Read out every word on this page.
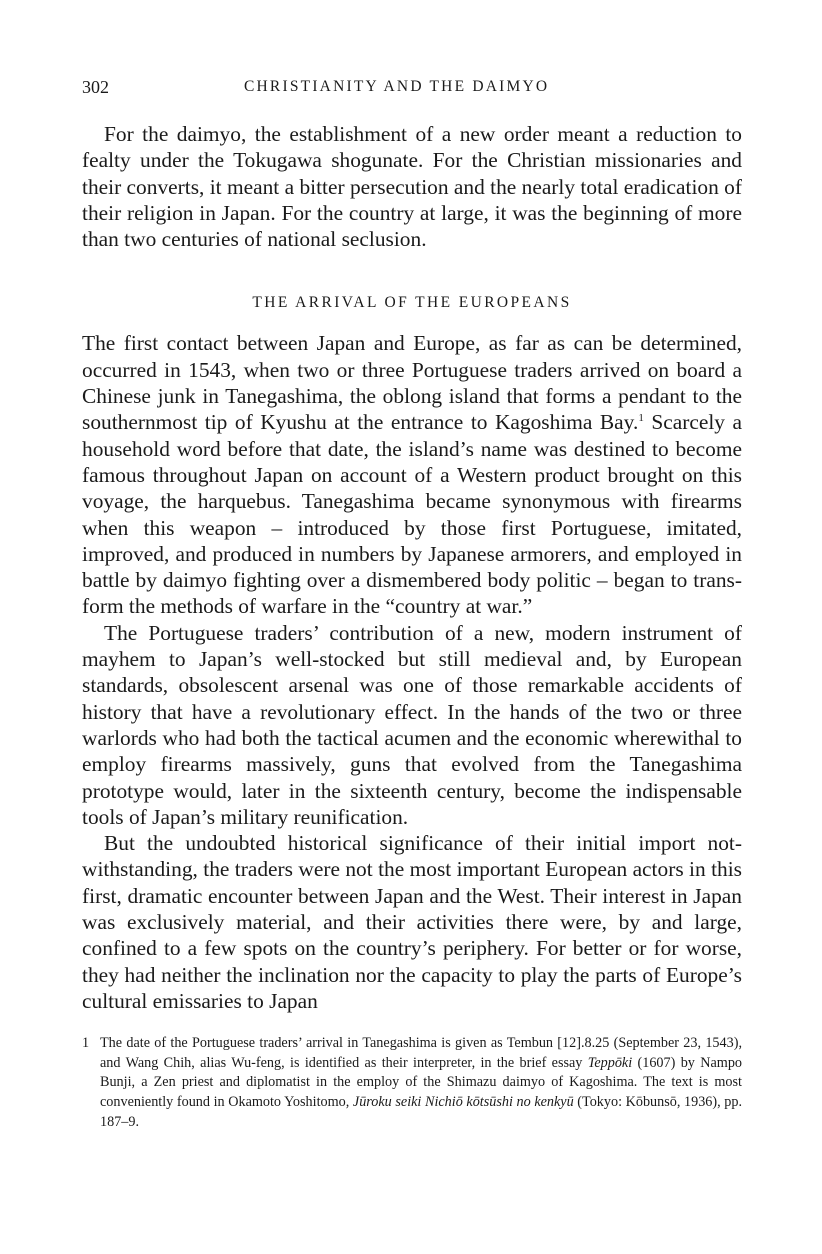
302	CHRISTIANITY AND THE DAIMYO

For the daimyo, the establishment of a new order meant a reduction to fealty under the Tokugawa shogunate. For the Christian missionaries and their converts, it meant a bitter persecution and the nearly total eradication of their religion in Japan. For the country at large, it was the beginning of more than two centuries of national seclusion.

THE ARRIVAL OF THE EUROPEANS

The first contact between Japan and Europe, as far as can be determined, occurred in 1543, when two or three Portuguese traders arrived on board a Chinese junk in Tanegashima, the oblong island that forms a pendant to the southernmost tip of Kyushu at the entrance to Kagoshima Bay.$^1$ Scarcely a household word before that date, the island’s name was destined to become famous throughout Japan on account of a Western product brought on this voyage, the harquebus. Tanegashima became synonymous with firearms when this weapon – introduced by those first Portuguese, imitated, improved, and produced in numbers by Japanese armorers, and employed in battle by daimyo fighting over a dismembered body politic – began to transform the methods of warfare in the “country at war.”

The Portuguese traders’ contribution of a new, modern instrument of mayhem to Japan’s well-stocked but still medieval and, by European standards, obsolescent arsenal was one of those remarkable accidents of history that have a revolutionary effect. In the hands of the two or three warlords who had both the tactical acumen and the economic wherewithal to employ firearms massively, guns that evolved from the Tanegashima prototype would, later in the sixteenth century, become the indispensable tools of Japan’s military reunification.

But the undoubted historical significance of their initial import notwithstanding, the traders were not the most important European actors in this first, dramatic encounter between Japan and the West. Their interest in Japan was exclusively material, and their activities there were, by and large, confined to a few spots on the country’s periphery. For better or for worse, they had neither the inclination nor the capacity to play the parts of Europe’s cultural emissaries to Japan

1 The date of the Portuguese traders’ arrival in Tanegashima is given as Tembun [12].8.25 (September 23, 1543), and Wang Chih, alias Wu-feng, is identified as their interpreter, in the brief essay Teppōki (1607) by Nampo Bunji, a Zen priest and diplomatist in the employ of the Shimazu daimyo of Kagoshima. The text is most conveniently found in Okamoto Yoshitomo, Jūroku seiki Nichiō kōtsūshi no kenkyū (Tokyo: Kōbunsō, 1936), pp. 187–9.
